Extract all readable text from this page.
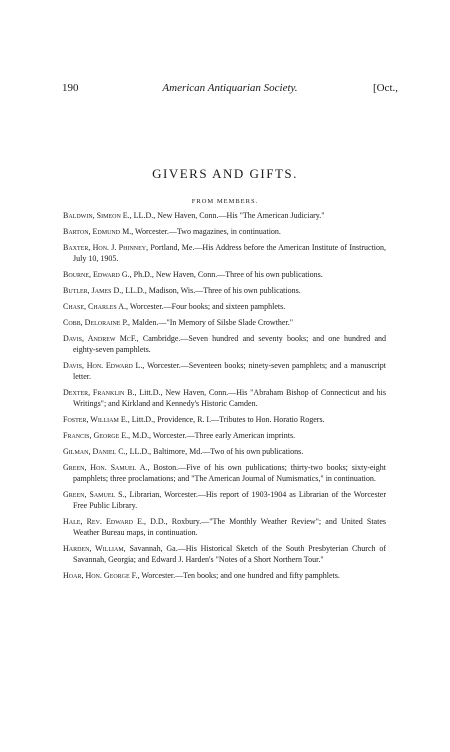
190	American Antiquarian Society.	[Oct.,
GIVERS AND GIFTS.
FROM MEMBERS.

Baldwin, Simeon E., LL.D., New Haven, Conn.—His "The American Judiciary."

Barton, Edmund M., Worcester.—Two magazines, in continuation.

Baxter, Hon. J. Phinney, Portland, Me.—His Address before the American Institute of Instruction, July 10, 1905.

Bourne, Edward G., Ph.D., New Haven, Conn.—Three of his own publications.

Butler, James D., LL.D., Madison, Wis.—Three of his own publications.

Chase, Charles A., Worcester.—Four books; and sixteen pamphlets.

Cobb, Deloraine P., Malden.—"In Memory of Silsbe Slade Crowther."

Davis, Andrew McF., Cambridge.—Seven hundred and seventy books; and one hundred and eighty-seven pamphlets.

Davis, Hon. Edward L., Worcester.—Seventeen books; ninety-seven pamphlets; and a manuscript letter.

Dexter, Franklin B., Litt.D., New Haven, Conn.—His "Abraham Bishop of Connecticut and his Writings"; and Kirkland and Kennedy's Historic Camden.

Foster, William E., Litt.D., Providence, R. I.—Tributes to Hon. Horatio Rogers.

Francis, George E., M.D., Worcester.—Three early American imprints.

Gilman, Daniel C., LL.D., Baltimore, Md.—Two of his own publications.

Green, Hon. Samuel A., Boston.—Five of his own publications; thirty-two books; sixty-eight pamphlets; three proclamations; and "The American Journal of Numismatics," in continuation.

Green, Samuel S., Librarian, Worcester.—His report of 1903-1904 as Librarian of the Worcester Free Public Library.

Hale, Rev. Edward E., D.D., Roxbury.—"The Monthly Weather Review"; and United States Weather Bureau maps, in continuation.

Harden, William, Savannah, Ga.—His Historical Sketch of the South Presbyterian Church of Savannah, Georgia; and Edward J. Harden's "Notes of a Short Northern Tour."

Hoar, Hon. George F., Worcester.—Ten books; and one hundred and fifty pamphlets.
